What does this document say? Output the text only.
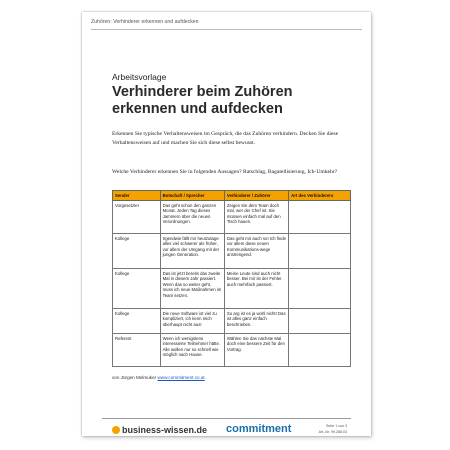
Zuhören: Verhinderer erkennen und aufdecken
Arbeitsvorlage
Verhinderer beim Zuhören erkennen und aufdecken
Erkennen Sie typische Verhaltensweisen im Gespräch, die das Zuhören verhindern. Decken Sie diese Verhaltensweisen auf und machen Sie sich diese selbst bewusst.
Welche Verhinderer erkennen Sie in folgenden Aussagen? Ratschlag, Bagatellisierung, Ich-Umkehr?
Sender	Botschaft / Sprecher	Verhinderer / Zuhörer	Art des Verhinderers
Vorgesetzter	Das geht schon den ganzen Monat. Jeden Tag dieses Jammern über die neuen Verordnungen.	Zeigen Sie dem Team doch mal, wer der Chef ist. Sie müssen einfach mal auf den Tisch hauen.	
Kollege	Irgendwie fällt mir heutzutage alles viel schwerer als früher, vor allem der Umgang mit der jungen Generation.	Das geht mir auch so! Ich finde vor allem diese neuen Kommunikations-wege anstrengend.	
Kollege	Das ist jetzt bereits das zweite Mal in diesem Jahr passiert. Wenn das so weiter geht, muss ich neue Maßnahmen im Team setzen.	Meine Leute sind auch nicht besser. Bei mir ist der Fehler auch mehrfach passiert.	
Kollege	Die neue Software ist viel zu kompliziert, ich kenn mich überhaupt nicht aus!	So arg ist es ja wohl nicht! Das ist alles ganz einfach beschrieben.	
Referent	Wenn ich wenigstens interessierte Teilnehmer hätte. Alle wollen nur so schnell wie möglich nach Hause.	Wählen Sie das nächste Mal doch eine bessere Zeit für den Vortrag.	
von Jürgen Melmuker www.commitment.co.at
business-wissen.de commitment	Seite 1 von 3
Art.-Nr. 99.288.03
